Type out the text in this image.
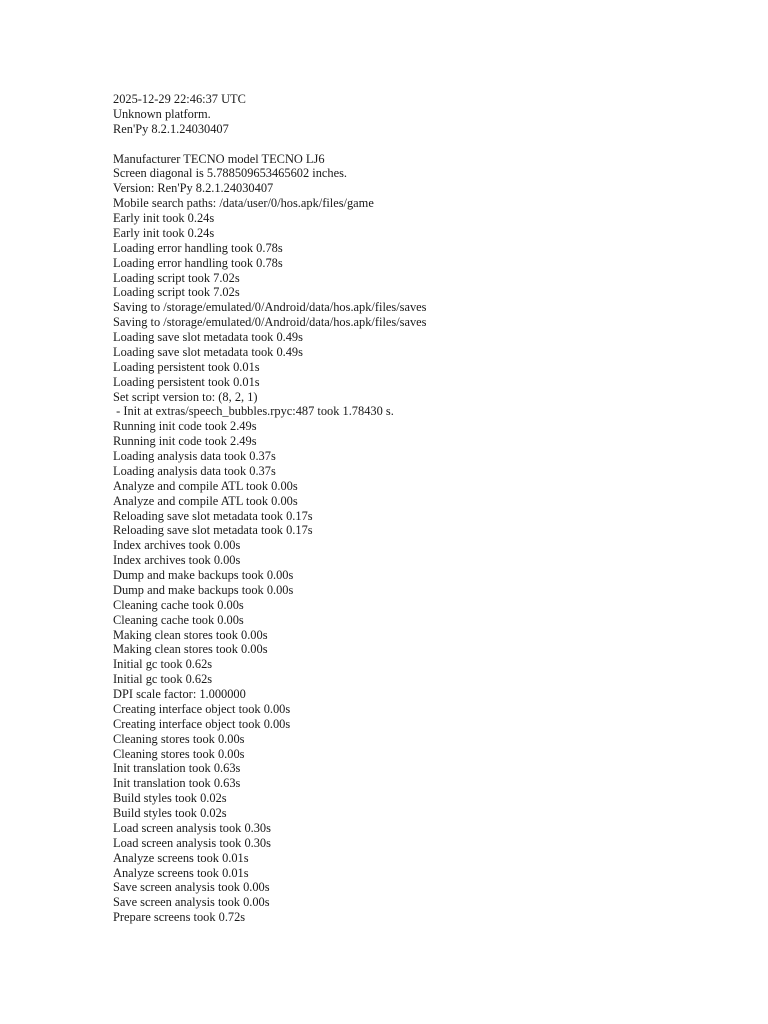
2025-12-29 22:46:37 UTC
Unknown platform.
Ren'Py 8.2.1.24030407
Manufacturer TECNO model TECNO LJ6
Screen diagonal is 5.788509653465602 inches.
Version: Ren'Py 8.2.1.24030407
Mobile search paths: /data/user/0/hos.apk/files/game
Early init took 0.24s
Early init took 0.24s
Loading error handling took 0.78s
Loading error handling took 0.78s
Loading script took 7.02s
Loading script took 7.02s
Saving to /storage/emulated/0/Android/data/hos.apk/files/saves
Saving to /storage/emulated/0/Android/data/hos.apk/files/saves
Loading save slot metadata took 0.49s
Loading save slot metadata took 0.49s
Loading persistent took 0.01s
Loading persistent took 0.01s
Set script version to: (8, 2, 1)
- Init at extras/speech_bubbles.rpyc:487 took 1.78430 s.
Running init code took 2.49s
Running init code took 2.49s
Loading analysis data took 0.37s
Loading analysis data took 0.37s
Analyze and compile ATL took 0.00s
Analyze and compile ATL took 0.00s
Reloading save slot metadata took 0.17s
Reloading save slot metadata took 0.17s
Index archives took 0.00s
Index archives took 0.00s
Dump and make backups took 0.00s
Dump and make backups took 0.00s
Cleaning cache took 0.00s
Cleaning cache took 0.00s
Making clean stores took 0.00s
Making clean stores took 0.00s
Initial gc took 0.62s
Initial gc took 0.62s
DPI scale factor: 1.000000
Creating interface object took 0.00s
Creating interface object took 0.00s
Cleaning stores took 0.00s
Cleaning stores took 0.00s
Init translation took 0.63s
Init translation took 0.63s
Build styles took 0.02s
Build styles took 0.02s
Load screen analysis took 0.30s
Load screen analysis took 0.30s
Analyze screens took 0.01s
Analyze screens took 0.01s
Save screen analysis took 0.00s
Save screen analysis took 0.00s
Prepare screens took 0.72s
